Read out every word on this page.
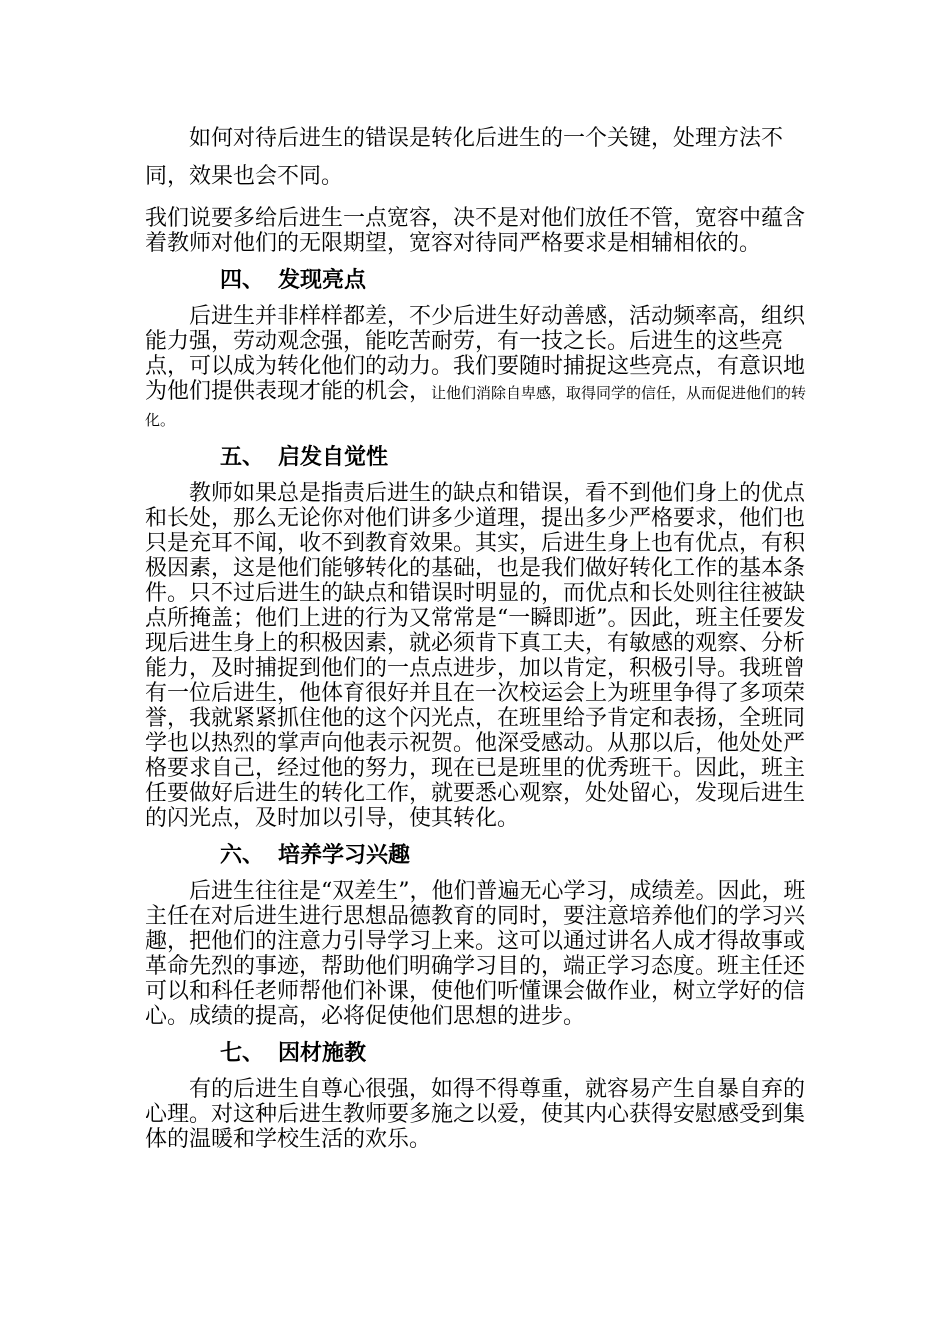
如何对待后进生的错误是转化后进生的一个关键，处理方法不同，效果也会不同。

我们说要多给后进生一点宽容，决不是对他们放任不管，宽容中蕴含着教师对他们的无限期望，宽容对待同严格要求是相辅相依的。

四、 发现亮点

后进生并非样样都差，不少后进生好动善感，活动频率高，组织能力强，劳动观念强，能吃苦耐劳，有一技之长。后进生的这些亮点，可以成为转化他们的动力。我们要随时捕捉这些亮点，有意识地为他们提供表现才能的机会，让他们消除自卑感，取得同学的信任，从而促进他们的转化。

五、 启发自觉性

教师如果总是指责后进生的缺点和错误，看不到他们身上的优点和长处，那么无论你对他们讲多少道理，提出多少严格要求，他们也只是充耳不闻，收不到教育效果。其实，后进生身上也有优点，有积极因素，这是他们能够转化的基础，也是我们做好转化工作的基本条件。只不过后进生的缺点和错误时明显的，而优点和长处则往往被缺点所掩盖；他们上进的行为又常常是“一瞬即逝”。因此，班主任要发现后进生身上的积极因素，就必须肯下真工夫，有敏感的观察、分析能力，及时捕捉到他们的一点点进步，加以肯定，积极引导。我班曾有一位后进生，他体育很好并且在一次校运会上为班里争得了多项荣誉，我就紧紧抓住他的这个闪光点，在班里给予肯定和表扬，全班同学也以热烈的掌声向他表示祝贺。他深受感动。从那以后，他处处严格要求自己，经过他的努力，现在已是班里的优秀班干。因此，班主任要做好后进生的转化工作，就要悉心观察，处处留心，发现后进生的闪光点，及时加以引导，使其转化。

六、 培养学习兴趣

后进生往往是“双差生”，他们普遍无心学习，成绩差。因此，班主任在对后进生进行思想品德教育的同时，要注意培养他们的学习兴趣，把他们的注意力引导学习上来。这可以通过讲名人成才得故事或革命先烈的事迹，帮助他们明确学习目的，端正学习态度。班主任还可以和科任老师帮他们补课，使他们听懂课会做作业，树立学好的信心。成绩的提高，必将促使他们思想的进步。

七、 因材施教

有的后进生自尊心很强，如得不得尊重，就容易产生自暴自弃的心理。对这种后进生教师要多施之以爱，使其内心获得安慰感受到集体的温暖和学校生活的欢乐。
